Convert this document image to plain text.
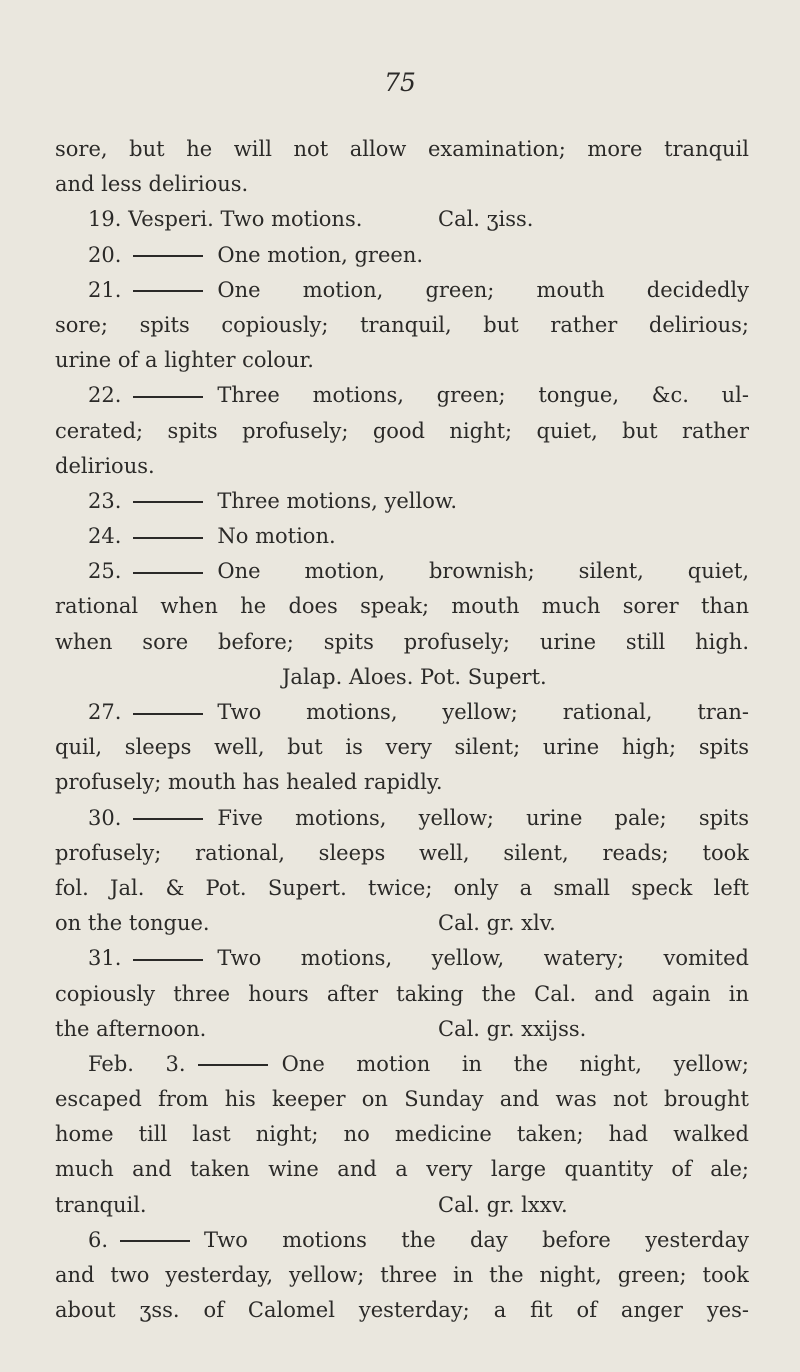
75
sore, but he will not allow examination; more tranquil
and less delirious.
19. Vesperi. Two motions.	Cal. ʒiss.
20.	One motion, green.
21.	One motion, green; mouth decidedly
sore; spits copiously; tranquil, but rather delirious;
urine of a lighter colour.
22.	Three motions, green; tongue, &c. ul-
cerated; spits profusely; good night; quiet, but rather
delirious.
23.	Three motions, yellow.
24.	No motion.
25.	One motion, brownish; silent, quiet,
rational when he does speak; mouth much sorer than
when sore before; spits profusely; urine still high.
Jalap. Aloes. Pot. Supert.
27.	Two motions, yellow; rational, tran-
quil, sleeps well, but is very silent; urine high; spits
profusely; mouth has healed rapidly.
30.	Five motions, yellow; urine pale; spits
profusely; rational, sleeps well, silent, reads; took
fol. Jal. & Pot. Supert. twice; only a small speck left
on the tongue.	Cal. gr. xlv.
31.	Two motions, yellow, watery; vomited
copiously three hours after taking the Cal. and again in
the afternoon.	Cal. gr. xxijss.
Feb. 3.	One motion in the night, yellow;
escaped from his keeper on Sunday and was not brought
home till last night; no medicine taken; had walked
much and taken wine and a very large quantity of ale;
tranquil.	Cal. gr. lxxv.
6.	Two motions the day before yesterday
and two yesterday, yellow; three in the night, green; took
about ʒss. of Calomel yesterday; a fit of anger yes-
